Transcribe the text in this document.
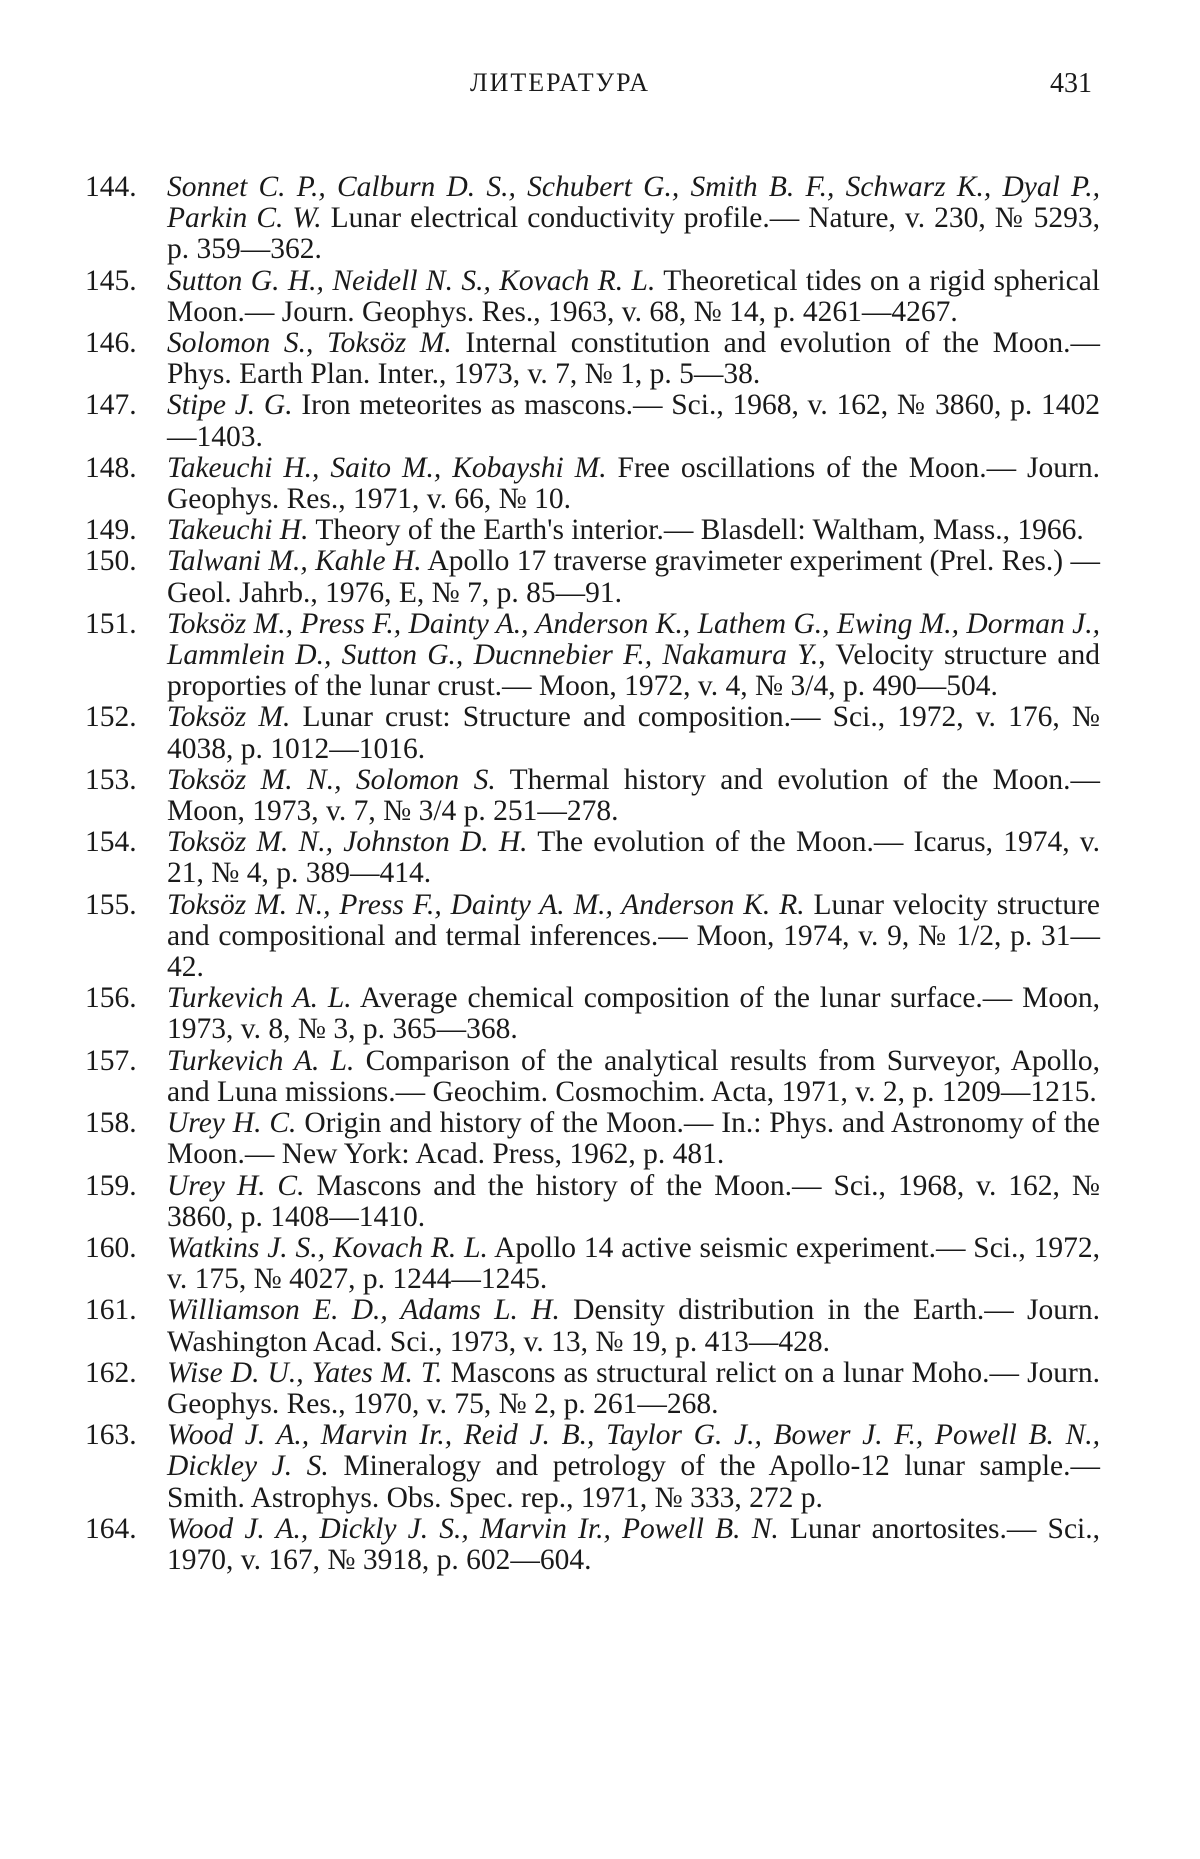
ЛИТЕРАТУРА	431
144.	Sonnet C. P., Calburn D. S., Schubert G., Smith B. F., Schwarz K., Dyal P., Parkin C. W. Lunar electrical conductivity profile.— Nature, v. 230, № 5293, p. 359—362.
145.	Sutton G. H., Neidell N. S., Kovach R. L. Theoretical tides on a rigid spherical Moon.— Journ. Geophys. Res., 1963, v. 68, № 14, p. 4261—4267.
146.	Solomon S., Toksöz M. Internal constitution and evolution of the Moon.— Phys. Earth Plan. Inter., 1973, v. 7, № 1, p. 5—38.
147.	Stipe J. G. Iron meteorites as mascons.— Sci., 1968, v. 162, № 3860, p. 1402—1403.
148.	Takeuchi H., Saito M., Kobayshi M. Free oscillations of the Moon.— Journ. Geophys. Res., 1971, v. 66, № 10.
149.	Takeuchi H. Theory of the Earth's interior.— Blasdell: Waltham, Mass., 1966.
150.	Talwani M., Kahle H. Apollo 17 traverse gravimeter experiment (Prel. Res.) — Geol. Jahrb., 1976, E, № 7, p. 85—91.
151.	Toksöz M., Press F., Dainty A., Anderson K., Lathem G., Ewing M., Dorman J., Lammlein D., Sutton G., Ducnnebier F., Nakamura Y., Velocity structure and proporties of the lunar crust.— Moon, 1972, v. 4, № 3/4, p. 490—504.
152.	Toksöz M. Lunar crust: Structure and composition.— Sci., 1972, v. 176, № 4038, p. 1012—1016.
153.	Toksöz M. N., Solomon S. Thermal history and evolution of the Moon.— Moon, 1973, v. 7, № 3/4 p. 251—278.
154.	Toksöz M. N., Johnston D. H. The evolution of the Moon.— Icarus, 1974, v. 21, № 4, p. 389—414.
155.	Toksöz M. N., Press F., Dainty A. M., Anderson K. R. Lunar velocity structure and compositional and termal inferences.— Moon, 1974, v. 9, № 1/2, p. 31—42.
156.	Turkevich A. L. Average chemical composition of the lunar surface.— Moon, 1973, v. 8, № 3, p. 365—368.
157.	Turkevich A. L. Comparison of the analytical results from Surveyor, Apollo, and Luna missions.— Geochim. Cosmochim. Acta, 1971, v. 2, p. 1209—1215.
158.	Urey H. C. Origin and history of the Moon.— In.: Phys. and Astronomy of the Moon.— New York: Acad. Press, 1962, p. 481.
159.	Urey H. C. Mascons and the history of the Moon.— Sci., 1968, v. 162, № 3860, p. 1408—1410.
160.	Watkins J. S., Kovach R. L. Apollo 14 active seismic experiment.— Sci., 1972, v. 175, № 4027, p. 1244—1245.
161.	Williamson E. D., Adams L. H. Density distribution in the Earth.— Journ. Washington Acad. Sci., 1973, v. 13, № 19, p. 413—428.
162.	Wise D. U., Yates M. T. Mascons as structural relict on a lunar Moho.— Journ. Geophys. Res., 1970, v. 75, № 2, p. 261—268.
163.	Wood J. A., Marvin Ir., Reid J. B., Taylor G. J., Bower J. F., Powell B. N., Dickley J. S. Mineralogy and petrology of the Apollo-12 lunar sample.— Smith. Astrophys. Obs. Spec. rep., 1971, № 333, 272 p.
164.	Wood J. A., Dickly J. S., Marvin Ir., Powell B. N. Lunar anortosites.— Sci., 1970, v. 167, № 3918, p. 602—604.
